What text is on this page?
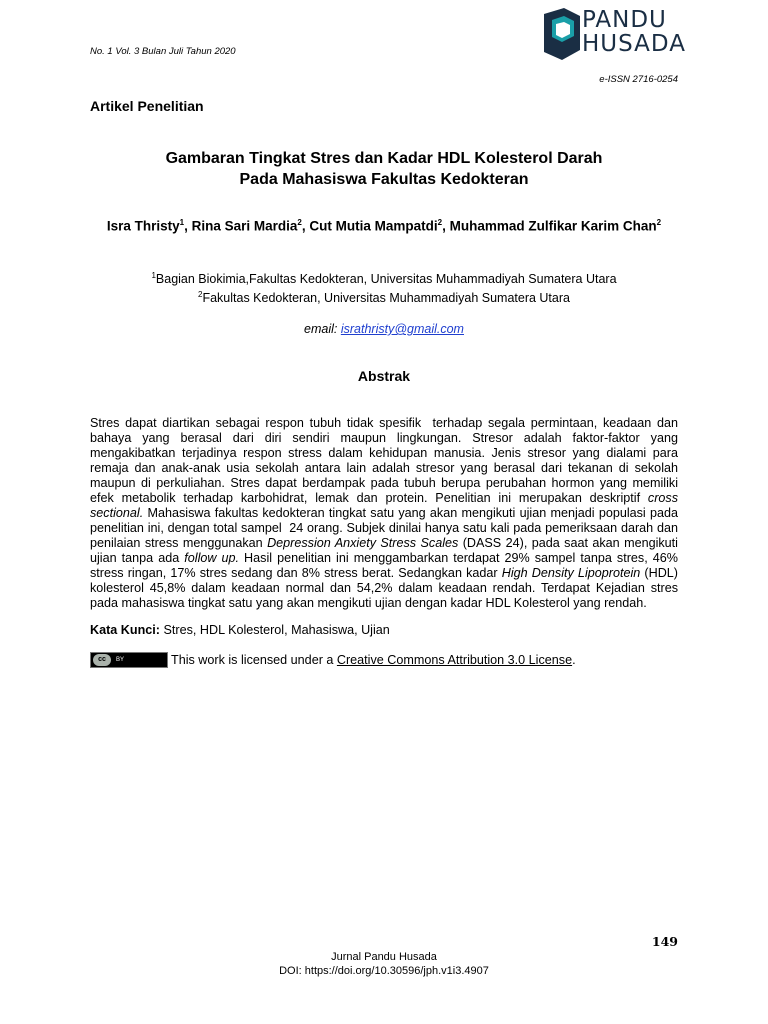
No. 1 Vol. 3 Bulan Juli Tahun 2020
PANDU
HUSADA
e-ISSN 2716-0254
Artikel Penelitian
Gambaran Tingkat Stres dan Kadar HDL Kolesterol Darah
Pada Mahasiswa Fakultas Kedokteran
Isra Thristy$^1$, Rina Sari Mardia$^2$, Cut Mutia Mampatdi$^2$, Muhammad Zulfikar Karim Chan$^2$
$^1$Bagian Biokimia,Fakultas Kedokteran, Universitas Muhammadiyah Sumatera Utara
$^2$Fakultas Kedokteran, Universitas Muhammadiyah Sumatera Utara
email: israthristy@gmail.com
Abstrak
Stres dapat diartikan sebagai respon tubuh tidak spesifik  terhadap segala permintaan, keadaan dan
bahaya yang berasal dari diri sendiri maupun lingkungan. Stresor adalah faktor-faktor yang
mengakibatkan terjadinya respon stress dalam kehidupan manusia. Jenis stresor yang dialami para
remaja dan anak-anak usia sekolah antara lain adalah stresor yang berasal dari tekanan di sekolah
maupun di perkuliahan. Stres dapat berdampak pada tubuh berupa perubahan hormon yang memiliki
efek metabolik terhadap karbohidrat, lemak dan protein. Penelitian ini merupakan deskriptif cross
sectional. Mahasiswa fakultas kedokteran tingkat satu yang akan mengikuti ujian menjadi populasi pada
penelitian ini, dengan total sampel  24 orang. Subjek dinilai hanya satu kali pada pemeriksaan darah dan
penilaian stress menggunakan Depression Anxiety Stress Scales (DASS 24), pada saat akan mengikuti
ujian tanpa ada follow up. Hasil penelitian ini menggambarkan terdapat 29% sampel tanpa stres, 46%
stress ringan, 17% stres sedang dan 8% stress berat. Sedangkan kadar High Density Lipoprotein (HDL)
kolesterol 45,8% dalam keadaan normal dan 54,2% dalam keadaan rendah. Terdapat Kejadian stres
pada mahasiswa tingkat satu yang akan mengikuti ujian dengan kadar HDL Kolesterol yang rendah.
Kata Kunci: Stres, HDL Kolesterol, Mahasiswa, Ujian
cc	BY	This work is licensed under a Creative Commons Attribution 3.0 License .
149
Jurnal Pandu Husada
DOI: https://doi.org/10.30596/jph.v1i3.4907
